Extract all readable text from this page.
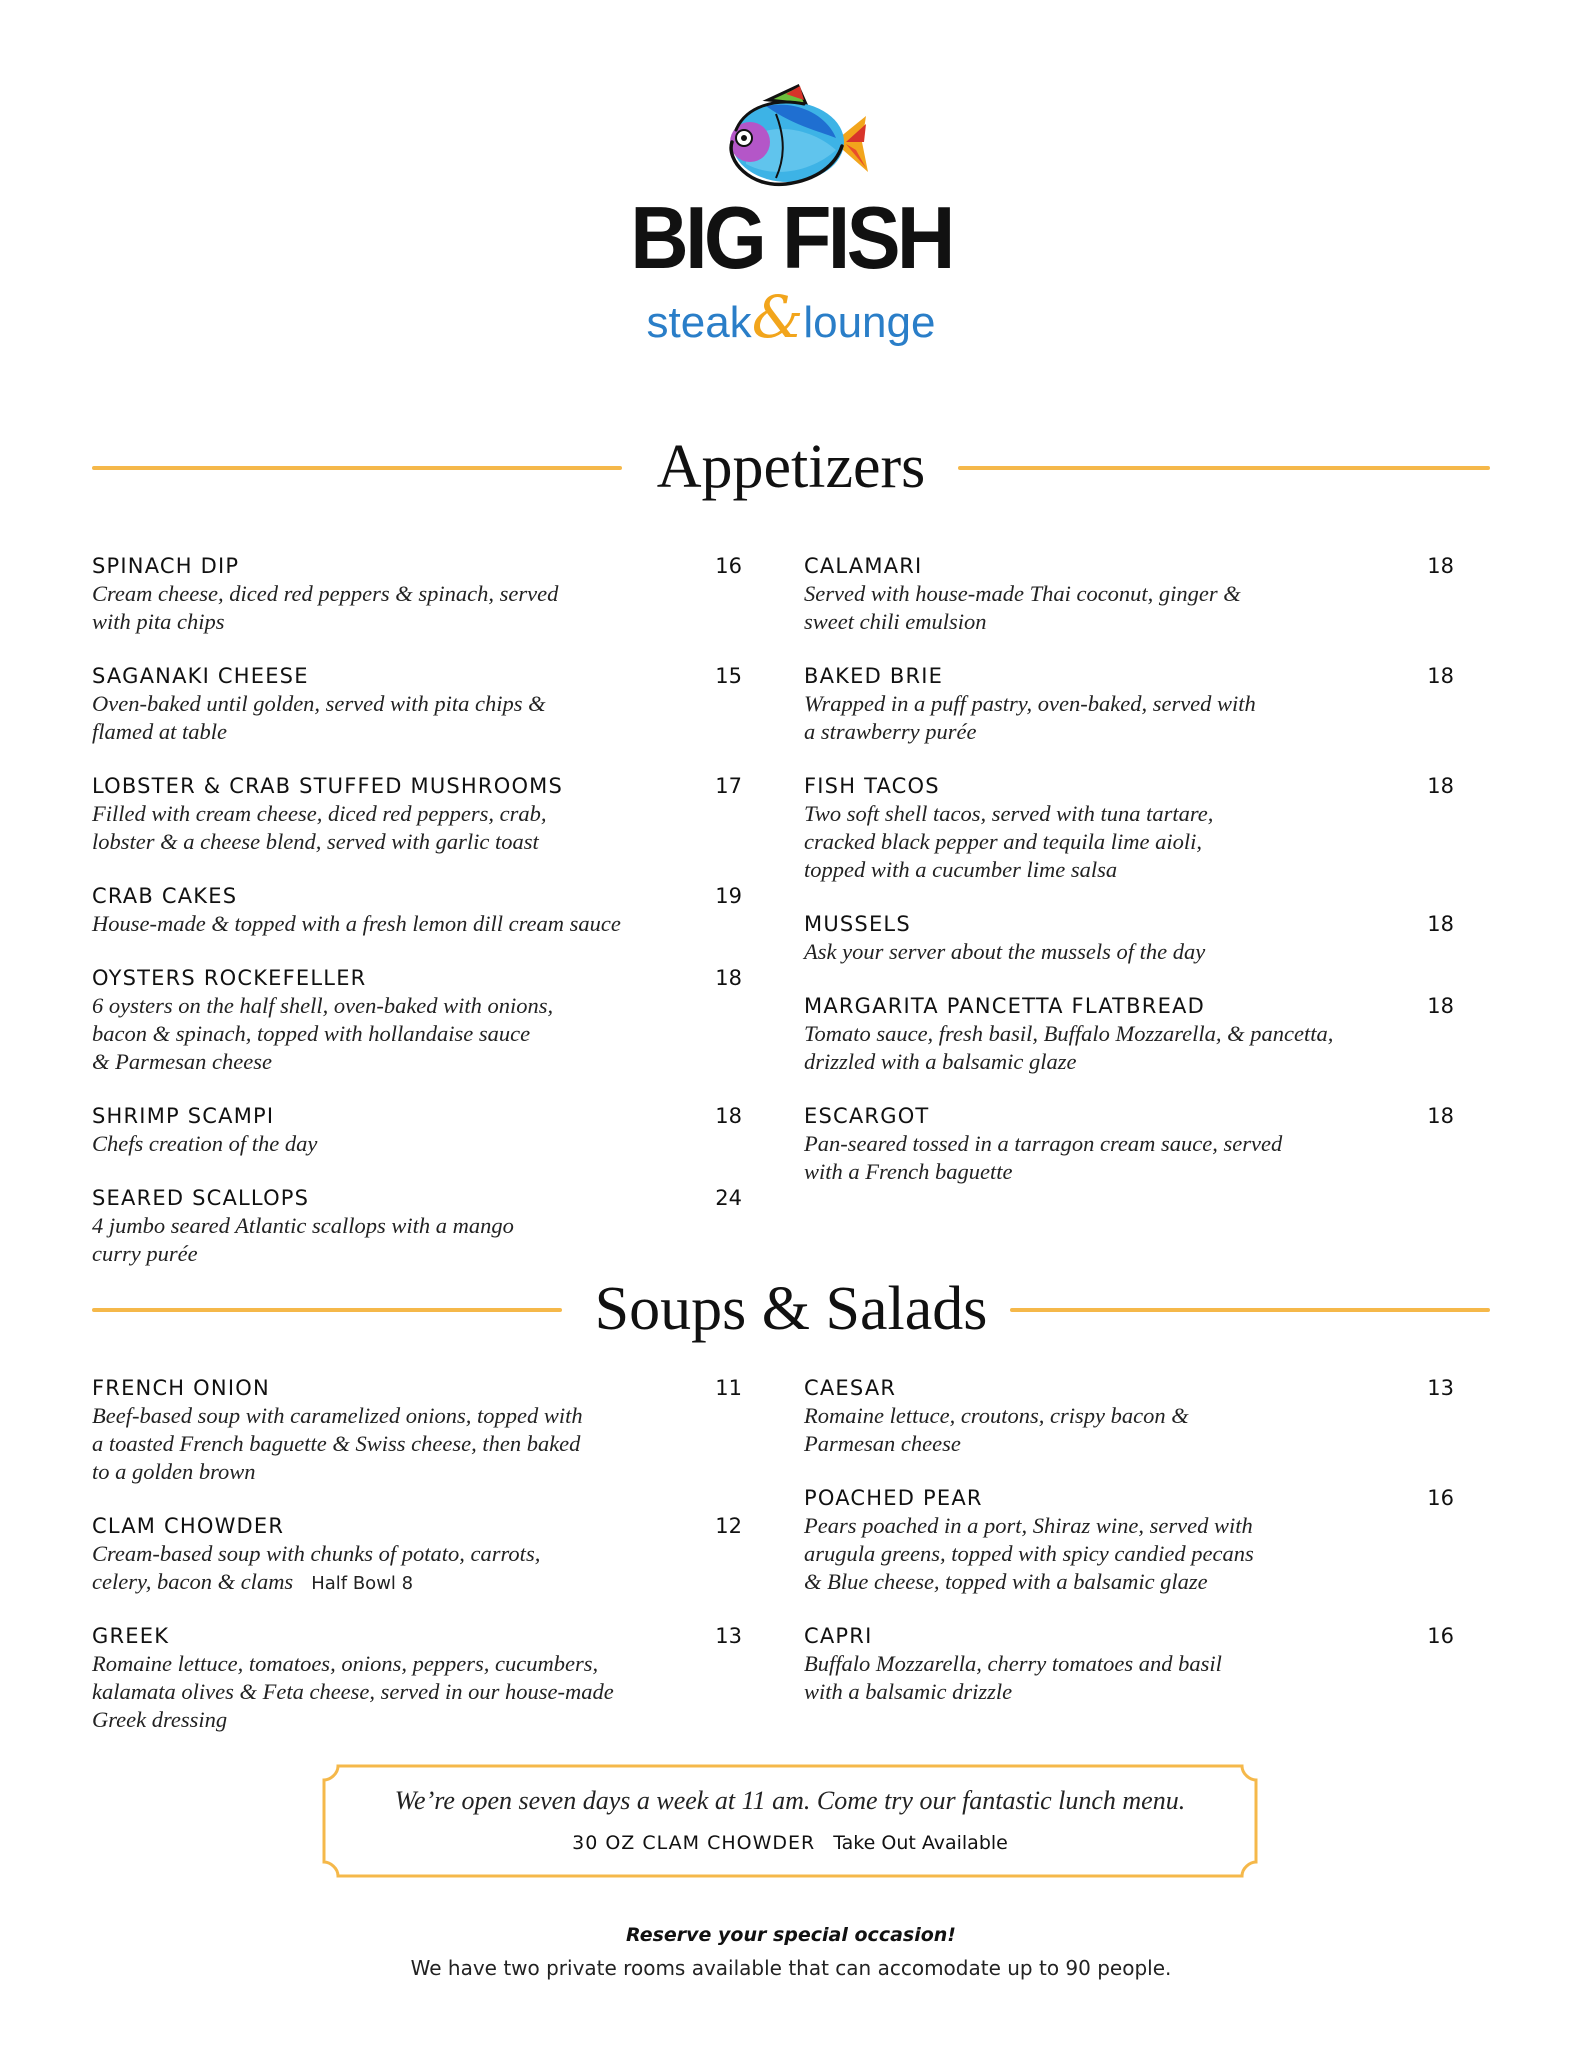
BIG FISH
steak&lounge
Appetizers
SPINACH DIP	16
Cream cheese, diced red peppers & spinach, served
with pita chips
SAGANAKI CHEESE	15
Oven-baked until golden, served with pita chips &
flamed at table
LOBSTER & CRAB STUFFED MUSHROOMS	17
Filled with cream cheese, diced red peppers, crab,
lobster & a cheese blend, served with garlic toast
CRAB CAKES	19
House-made & topped with a fresh lemon dill cream sauce
OYSTERS ROCKEFELLER	18
6 oysters on the half shell, oven-baked with onions,
bacon & spinach, topped with hollandaise sauce
& Parmesan cheese
SHRIMP SCAMPI	18
Chefs creation of the day
SEARED SCALLOPS	24
4 jumbo seared Atlantic scallops with a mango
curry purée
CALAMARI	18
Served with house-made Thai coconut, ginger &
sweet chili emulsion
BAKED BRIE	18
Wrapped in a puff pastry, oven-baked, served with
a strawberry purée
FISH TACOS	18
Two soft shell tacos, served with tuna tartare,
cracked black pepper and tequila lime aioli,
topped with a cucumber lime salsa
MUSSELS	18
Ask your server about the mussels of the day
MARGARITA PANCETTA FLATBREAD	18
Tomato sauce, fresh basil, Buffalo Mozzarella, & pancetta,
drizzled with a balsamic glaze
ESCARGOT	18
Pan-seared tossed in a tarragon cream sauce, served
with a French baguette
Soups & Salads
FRENCH ONION	11
Beef-based soup with caramelized onions, topped with
a toasted French baguette & Swiss cheese, then baked
to a golden brown
CLAM CHOWDER	12
Cream-based soup with chunks of potato, carrots,
celery, bacon & clams Half Bowl 8
GREEK	13
Romaine lettuce, tomatoes, onions, peppers, cucumbers,
kalamata olives & Feta cheese, served in our house-made
Greek dressing
CAESAR	13
Romaine lettuce, croutons, crispy bacon &
Parmesan cheese
POACHED PEAR	16
Pears poached in a port, Shiraz wine, served with
arugula greens, topped with spicy candied pecans
& Blue cheese, topped with a balsamic glaze
CAPRI	16
Buffalo Mozzarella, cherry tomatoes and basil
with a balsamic drizzle
We’re open seven days a week at 11 am. Come try our fantastic lunch menu.
30 OZ CLAM CHOWDER Take Out Available
Reserve your special occasion!
We have two private rooms available that can accomodate up to 90 people.
